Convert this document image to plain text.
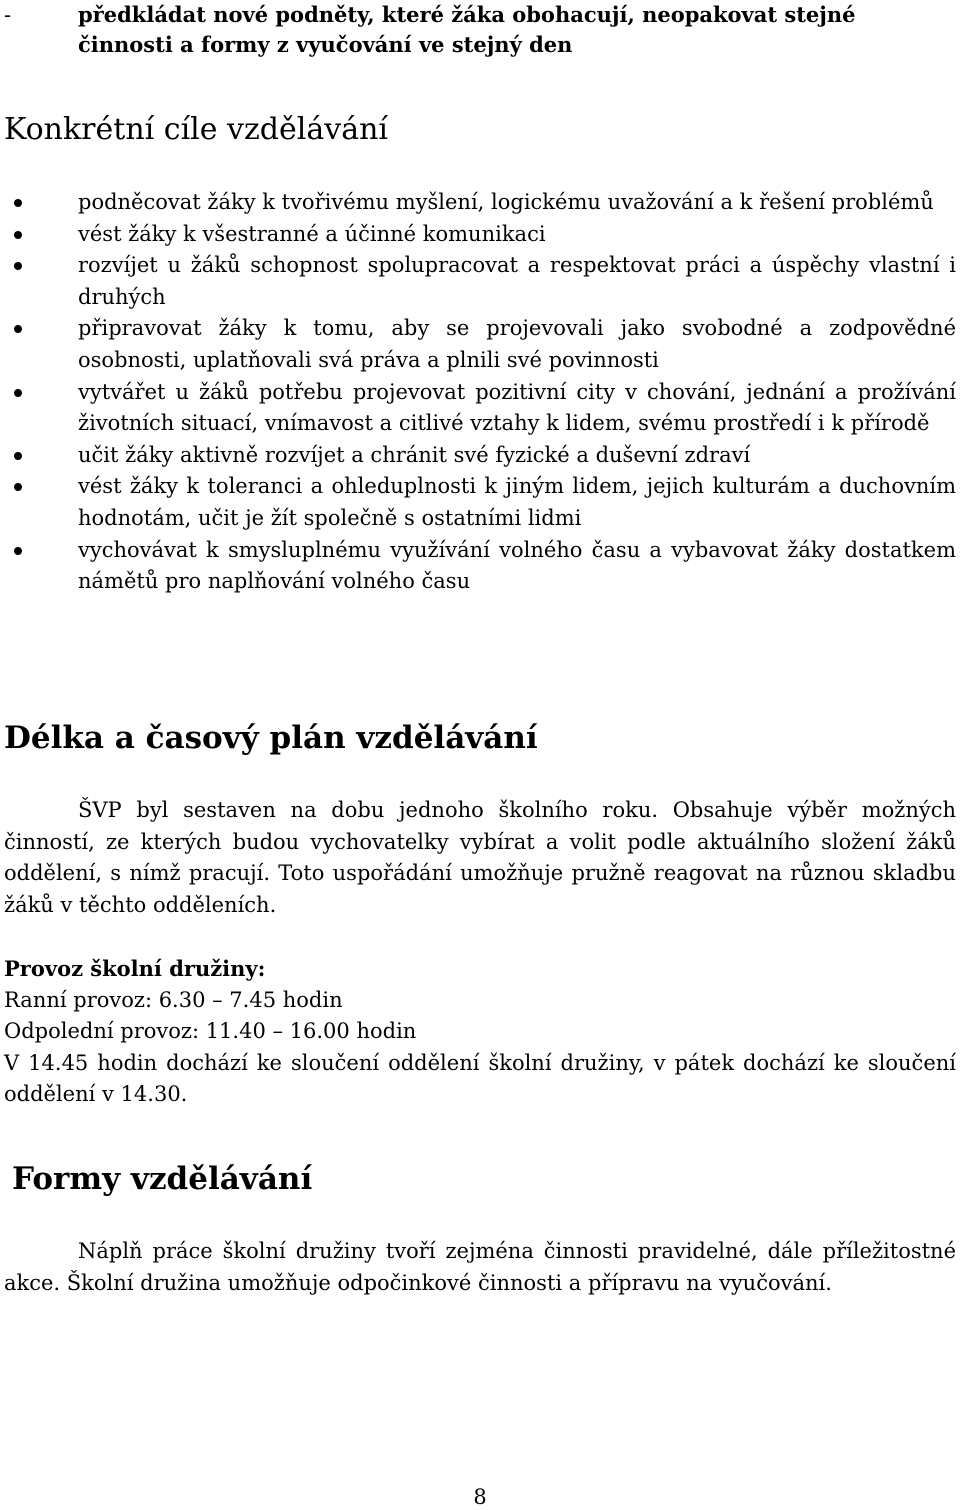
-	předkládat nové podněty, které žáka obohacují, neopakovat stejné činnosti a formy z vyučování ve stejný den
Konkrétní cíle vzdělávání
podněcovat žáky k tvořivému myšlení, logickému uvažování a k řešení problémů
vést žáky k všestranné a účinné komunikaci
rozvíjet u žáků schopnost spolupracovat a respektovat práci a úspěchy vlastní i druhých
připravovat žáky k tomu, aby se projevovali jako svobodné a zodpovědné osobnosti, uplatňovali svá práva a plnili své povinnosti
vytvářet u žáků potřebu projevovat pozitivní city v chování, jednání a prožívání životních situací, vnímavost a citlivé vztahy k lidem, svému prostředí i k přírodě
učit žáky aktivně rozvíjet a chránit své fyzické a duševní zdraví
vést žáky k toleranci a ohleduplnosti k jiným lidem, jejich kulturám a duchovním hodnotám, učit je žít společně s ostatními lidmi
vychovávat k smysluplnému využívání volného času a vybavovat žáky dostatkem námětů pro naplňování volného času
Délka a časový plán vzdělávání

ŠVP byl sestaven na dobu jednoho školního roku. Obsahuje výběr možných činností, ze kterých budou vychovatelky vybírat a volit podle aktuálního složení žáků oddělení, s nímž pracují. Toto uspořádání umožňuje pružně reagovat na různou skladbu žáků v těchto odděleních.

Provoz školní družiny:
Ranní provoz: 6.30 – 7.45 hodin
Odpolední provoz: 11.40 – 16.00 hodin
V 14.45 hodin dochází ke sloučení oddělení školní družiny, v pátek dochází ke sloučení oddělení v 14.30.
Formy vzdělávání

Náplň práce školní družiny tvoří zejména činnosti pravidelné, dále příležitostné akce. Školní družina umožňuje odpočinkové činnosti a přípravu na vyučování.

8
